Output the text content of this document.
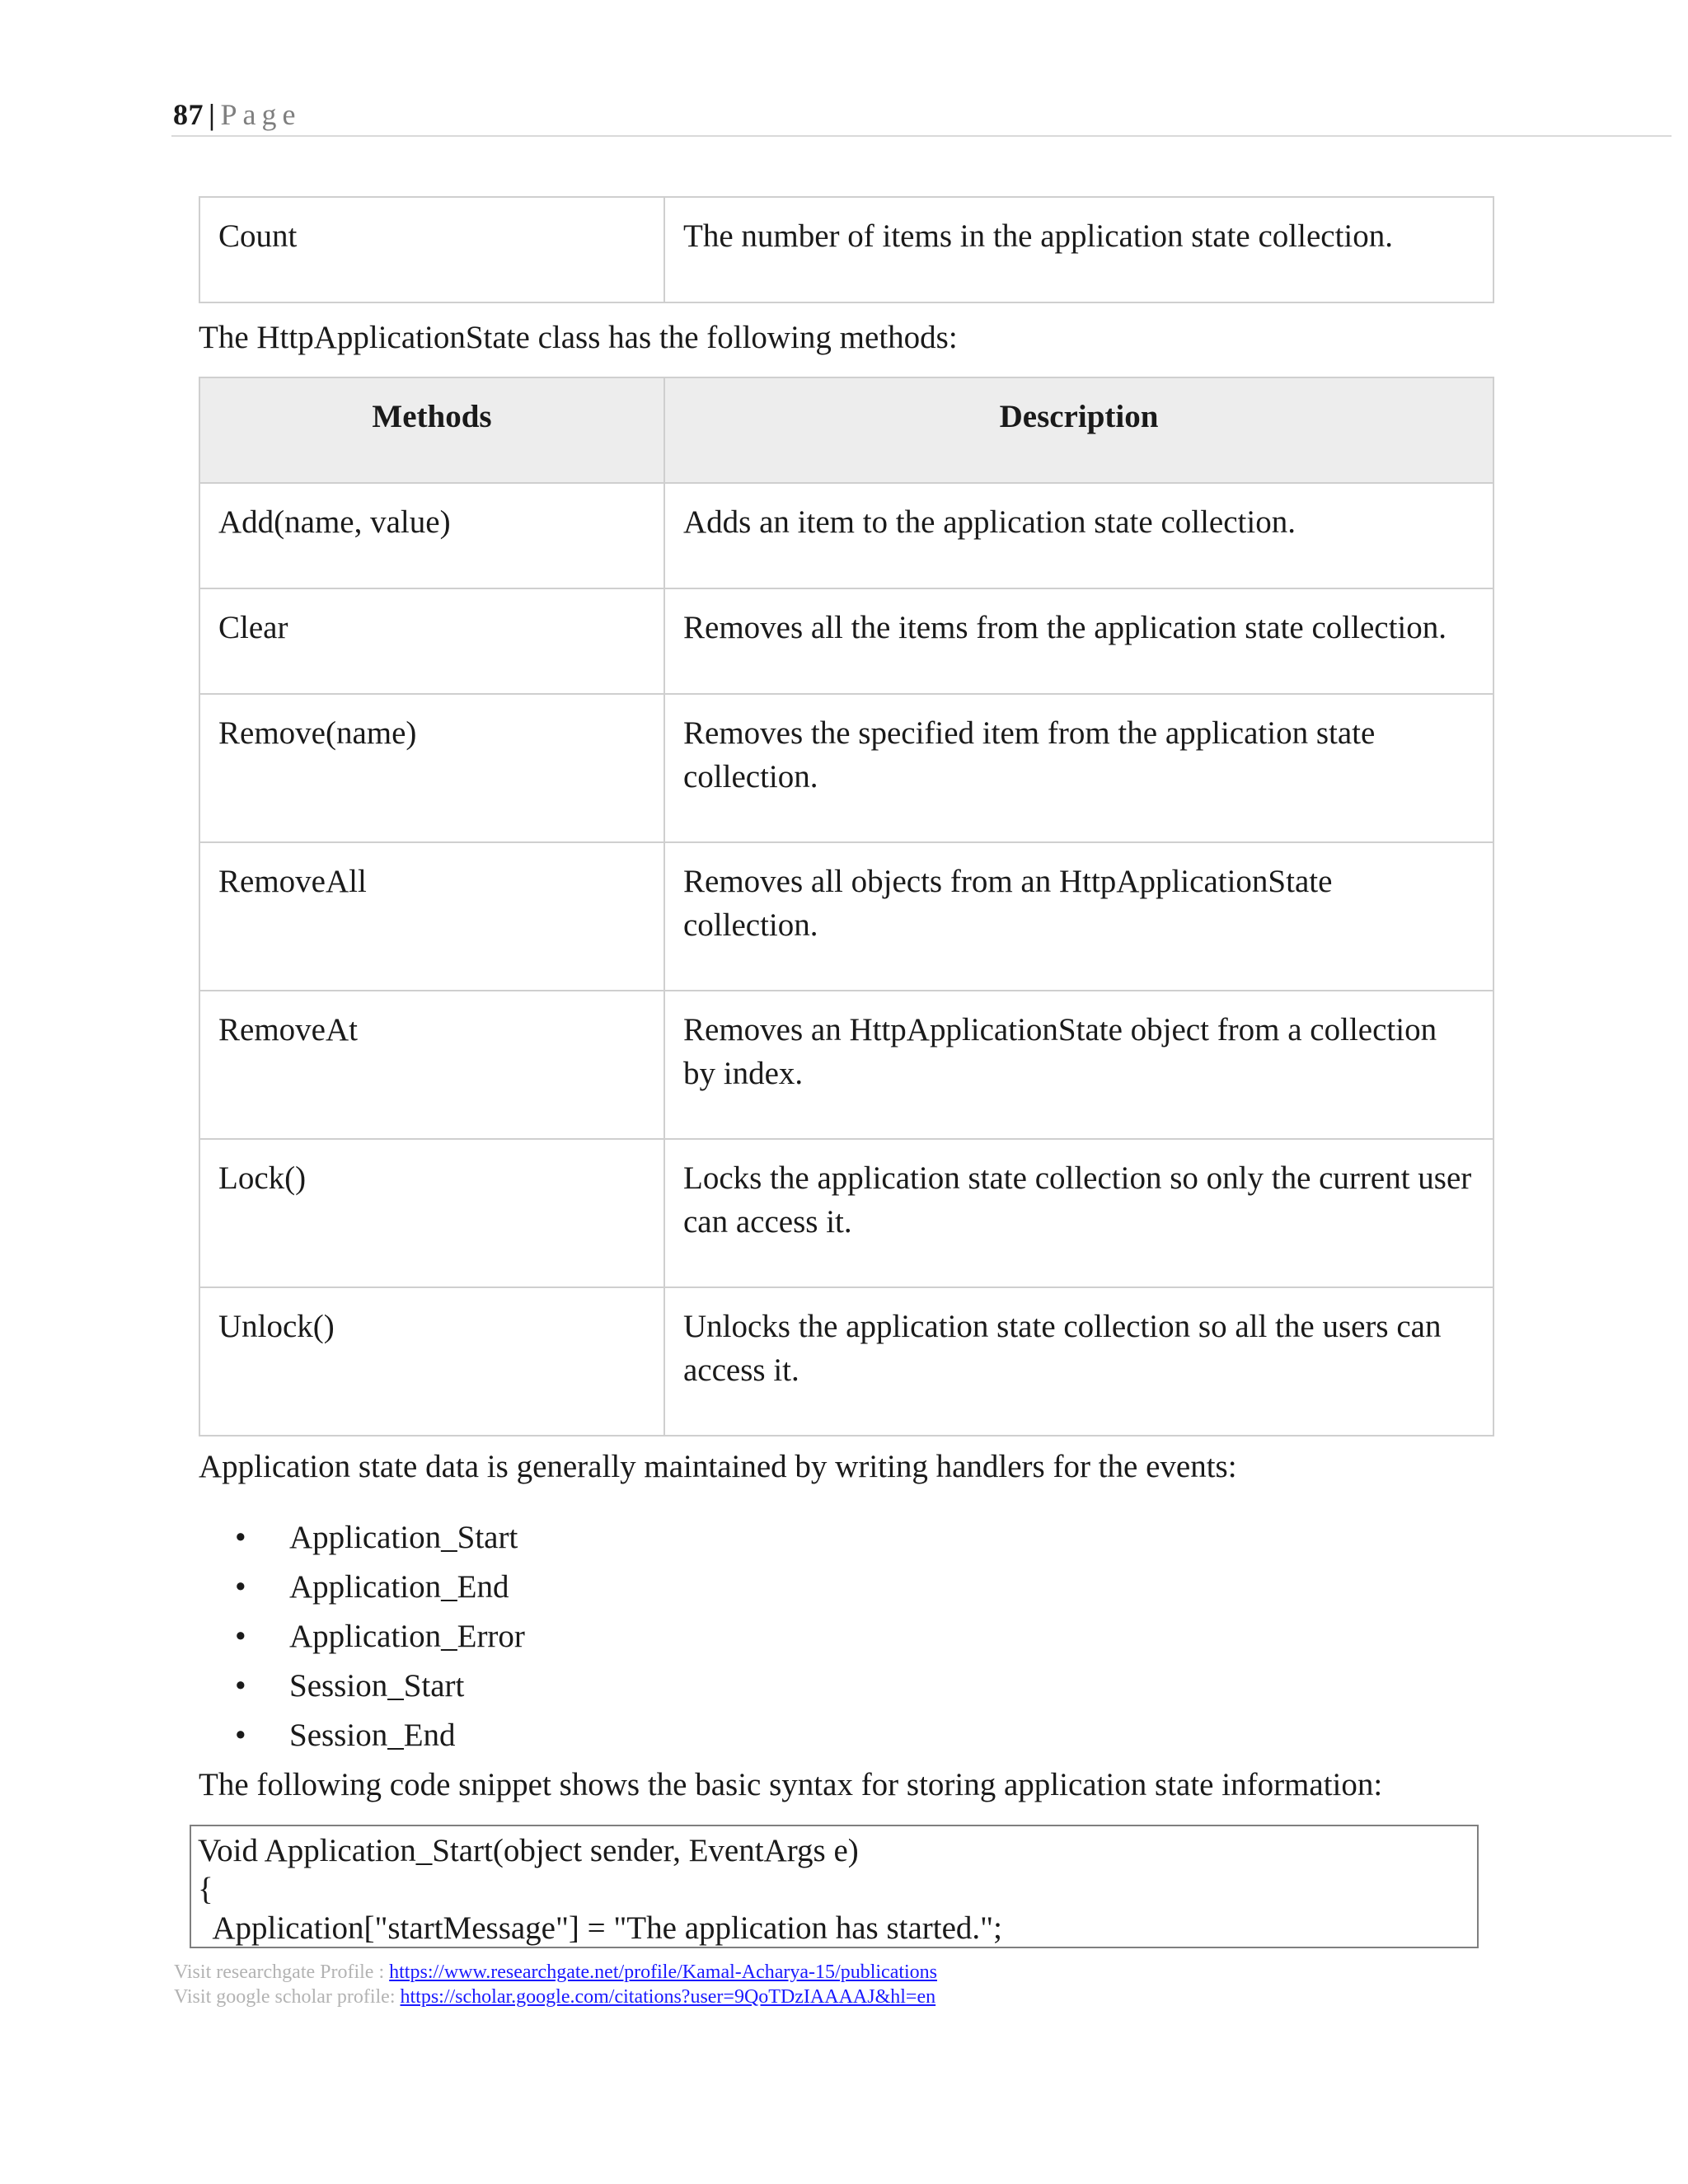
87 | Page
Count	The number of items in the application state collection.
The HttpApplicationState class has the following methods:
Methods	Description
Add(name, value)	Adds an item to the application state collection.
Clear	Removes all the items from the application state collection.
Remove(name)	Removes the specified item from the application state collection.
RemoveAll	Removes all objects from an HttpApplicationState collection.
RemoveAt	Removes an HttpApplicationState object from a collection by index.
Lock()	Locks the application state collection so only the current user can access it.
Unlock()	Unlocks the application state collection so all the users can access it.
Application state data is generally maintained by writing handlers for the events:
• Application_Start
• Application_End
• Application_Error
• Session_Start
• Session_End
The following code snippet shows the basic syntax for storing application state information:
Void Application_Start(object sender, EventArgs e)
{
Application["startMessage"] = "The application has started.";
Visit researchgate Profile : https://www.researchgate.net/profile/Kamal-Acharya-15/publications
Visit google scholar profile: https://scholar.google.com/citations?user=9QoTDzIAAAAJ&hl=en
